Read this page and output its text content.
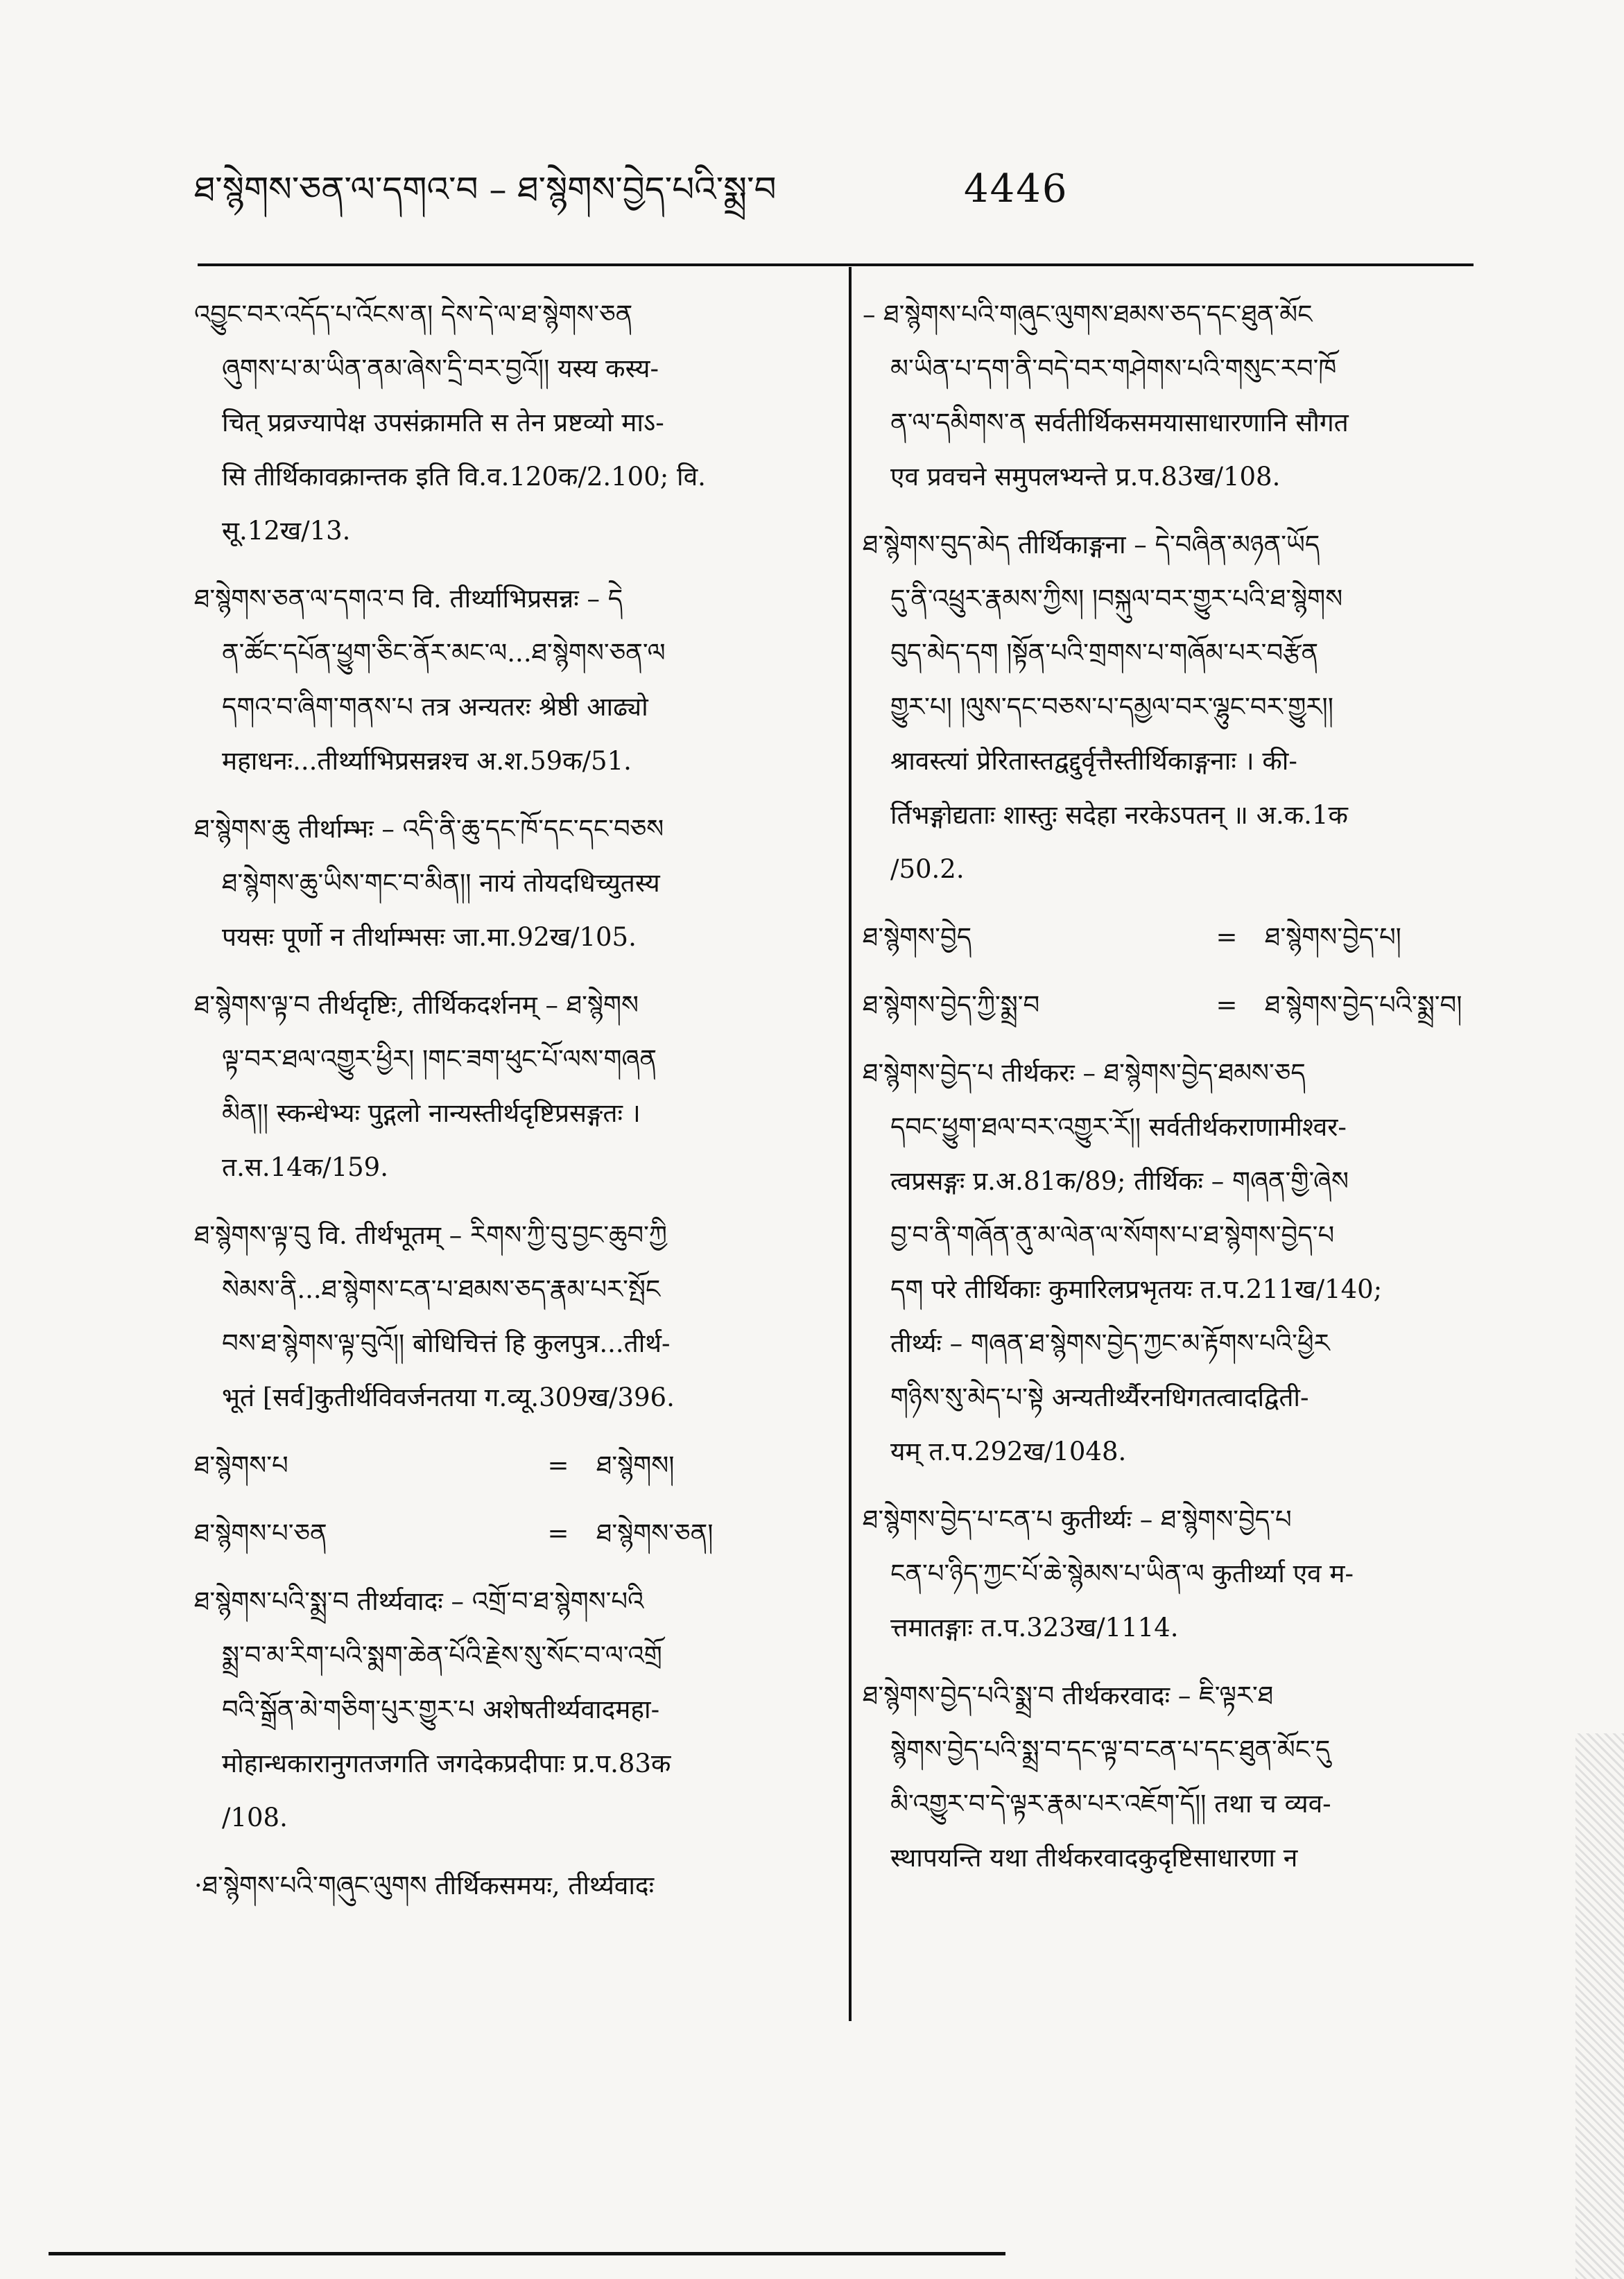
ཐ་སྙེགས་ཅན་ལ་དགའ་བ – ཐ་སྙེགས་བྱེད་པའི་སྨྲ་བ	4446
འབྱུང་བར་འདོད་པ་འོངས་ན། དེས་དེ་ལ་ཐ་སྙེགས་ཅན
ཞུགས་པ་མ་ཡིན་ནམ་ཞེས་དྲི་བར་བྱའོ།། यस्य कस्य-
चित् प्रव्रज्यापेक्ष उपसंक्रामति स तेन प्रष्टव्यो माऽ-
सि तीर्थिकावक्रान्तक इति वि.व.120क/2.100; वि.
सू.12ख/13.
ཐ་སྙེགས་ཅན་ལ་དགའ་བ वि. तीर्थ्याभिप्रसन्नः – དེ
ན་ཚོང་དཔོན་ཕྱུག་ཅིང་ནོར་མང་ལ...ཐ་སྙེགས་ཅན་ལ
དགའ་བ་ཞིག་གནས་པ तत्र अन्यतरः श्रेष्ठी आढ्यो
महाधनः...तीर्थ्याभिप्रसन्नश्च अ.श.59क/51.
ཐ་སྙེགས་ཆུ तीर्थाम्भः – འདི་ནི་ཆུ་དང་ཁོ་དང་དང་བཅས
ཐ་སྙེགས་ཆུ་ཡིས་གང་བ་མིན།། नायं तोयदधिच्युतस्य
पयसः पूर्णो न तीर्थाम्भसः जा.मा.92ख/105.
ཐ་སྙེགས་ལྟ་བ तीर्थदृष्टिः, तीर्थिकदर्शनम् – ཐ་སྙེགས
ལྟ་བར་ཐལ་འགྱུར་ཕྱིར། །གང་ཟག་ཕུང་པོ་ལས་གཞན
མིན།། स्कन्धेभ्यः पुद्गलो नान्यस्तीर्थदृष्टिप्रसङ्गतः ।
त.स.14क/159.
ཐ་སྙེགས་ལྟ་བུ वि. तीर्थभूतम् – རིགས་ཀྱི་བུ་བྱང་ཆུབ་ཀྱི
སེམས་ནི...ཐ་སྙེགས་ངན་པ་ཐམས་ཅད་རྣམ་པར་སྤོང
བས་ཐ་སྙེགས་ལྟ་བུའོ།། बोधिचित्तं हि कुलपुत्र...तीर्थ-
भूतं [सर्व]कुतीर्थविवर्जनतया ग.व्यू.309ख/396.
ཐ་སྙེགས་པ	=	ཐ་སྙེགས།
ཐ་སྙེགས་པ་ཅན	=	ཐ་སྙེགས་ཅན།
ཐ་སྙེགས་པའི་སྨྲ་བ तीर्थ्यवादः – འགྲོ་བ་ཐ་སྙེགས་པའི
སྨྲ་བ་མ་རིག་པའི་སྨག་ཆེན་པོའི་རྗེས་སུ་སོང་བ་ལ་འགྲོ
བའི་སྒྲོན་མེ་གཅིག་པུར་གྱུར་པ अशेषतीर्थ्यवादमहा-
मोहान्धकारानुगतजगति जगदेकप्रदीपाः प्र.प.83क
/108.
·ཐ་སྙེགས་པའི་གཞུང་ལུགས तीर्थिकसमयः, तीर्थ्यवादः
– ཐ་སྙེགས་པའི་གཞུང་ལུགས་ཐམས་ཅད་དང་ཐུན་མོང
མ་ཡིན་པ་དག་ནི་བདེ་བར་གཤེགས་པའི་གསུང་རབ་ཁོ
ན་ལ་དམིགས་ན सर्वतीर्थिकसमयासाधारणानि सौगत
एव प्रवचने समुपलभ्यन्ते प्र.प.83ख/108.
ཐ་སྙེགས་བུད་མེད तीर्थिकाङ्गना – དེ་བཞིན་མཉན་ཡོད
དུ་ནི་འཕྲུར་རྣམས་ཀྱིས། །བསྐུལ་བར་གྱུར་པའི་ཐ་སྙེགས
བུད་མེད་དག །སྟོན་པའི་གྲགས་པ་གཞོམ་པར་བརྩོན
གྱུར་པ། །ལུས་དང་བཅས་པ་དམྱལ་བར་ལྷུང་བར་གྱུར།།
श्रावस्त्यां प्रेरितास्तद्वद्दुर्वृत्तैस्तीर्थिकाङ्गनाः । की-
र्तिभङ्गोद्यताः शास्तुः सदेहा नरकेऽपतन् ॥ अ.क.1क
/50.2.
ཐ་སྙེགས་བྱེད	=	ཐ་སྙེགས་བྱེད་པ།
ཐ་སྙེགས་བྱེད་ཀྱི་སྨྲ་བ	=	ཐ་སྙེགས་བྱེད་པའི་སྨྲ་བ།
ཐ་སྙེགས་བྱེད་པ तीर्थकरः – ཐ་སྙེགས་བྱེད་ཐམས་ཅད
དབང་ཕྱུག་ཐལ་བར་འགྱུར་རོ།། सर्वतीर्थकराणामीश्वर-
त्वप्रसङ्गः प्र.अ.81क/89; तीर्थिकः – གཞན་གྱི་ཞེས
བྱ་བ་ནི་གཞོན་ནུ་མ་ལེན་ལ་སོགས་པ་ཐ་སྙེགས་བྱེད་པ
དག परे तीर्थिकाः कुमारिलप्रभृतयः त.प.211ख/140;
तीर्थ्यः – གཞན་ཐ་སྙེགས་བྱེད་ཀྱང་མ་རྟོགས་པའི་ཕྱིར
གཉིས་སུ་མེད་པ་སྟེ अन्यतीर्थ्यैरनधिगतत्वादद्विती-
यम् त.प.292ख/1048.
ཐ་སྙེགས་བྱེད་པ་ངན་པ कुतीर्थ्यः – ཐ་སྙེགས་བྱེད་པ
ངན་པ་ཉིད་ཀྱང་པོ་ཆེ་སྙེམས་པ་ཡིན་ལ कुतीर्थ्या एव म-
त्तमातङ्गाः त.प.323ख/1114.
ཐ་སྙེགས་བྱེད་པའི་སྨྲ་བ तीर्थकरवादः – ཇི་ལྟར་ཐ
སྙེགས་བྱེད་པའི་སྨྲ་བ་དང་ལྟ་བ་ངན་པ་དང་ཐུན་མོང་དུ
མི་འགྱུར་བ་དེ་ལྟར་རྣམ་པར་འཇོག་དོ།། तथा च व्यव-
स्थापयन्ति यथा तीर्थकरवादकुदृष्टिसाधारणा न
